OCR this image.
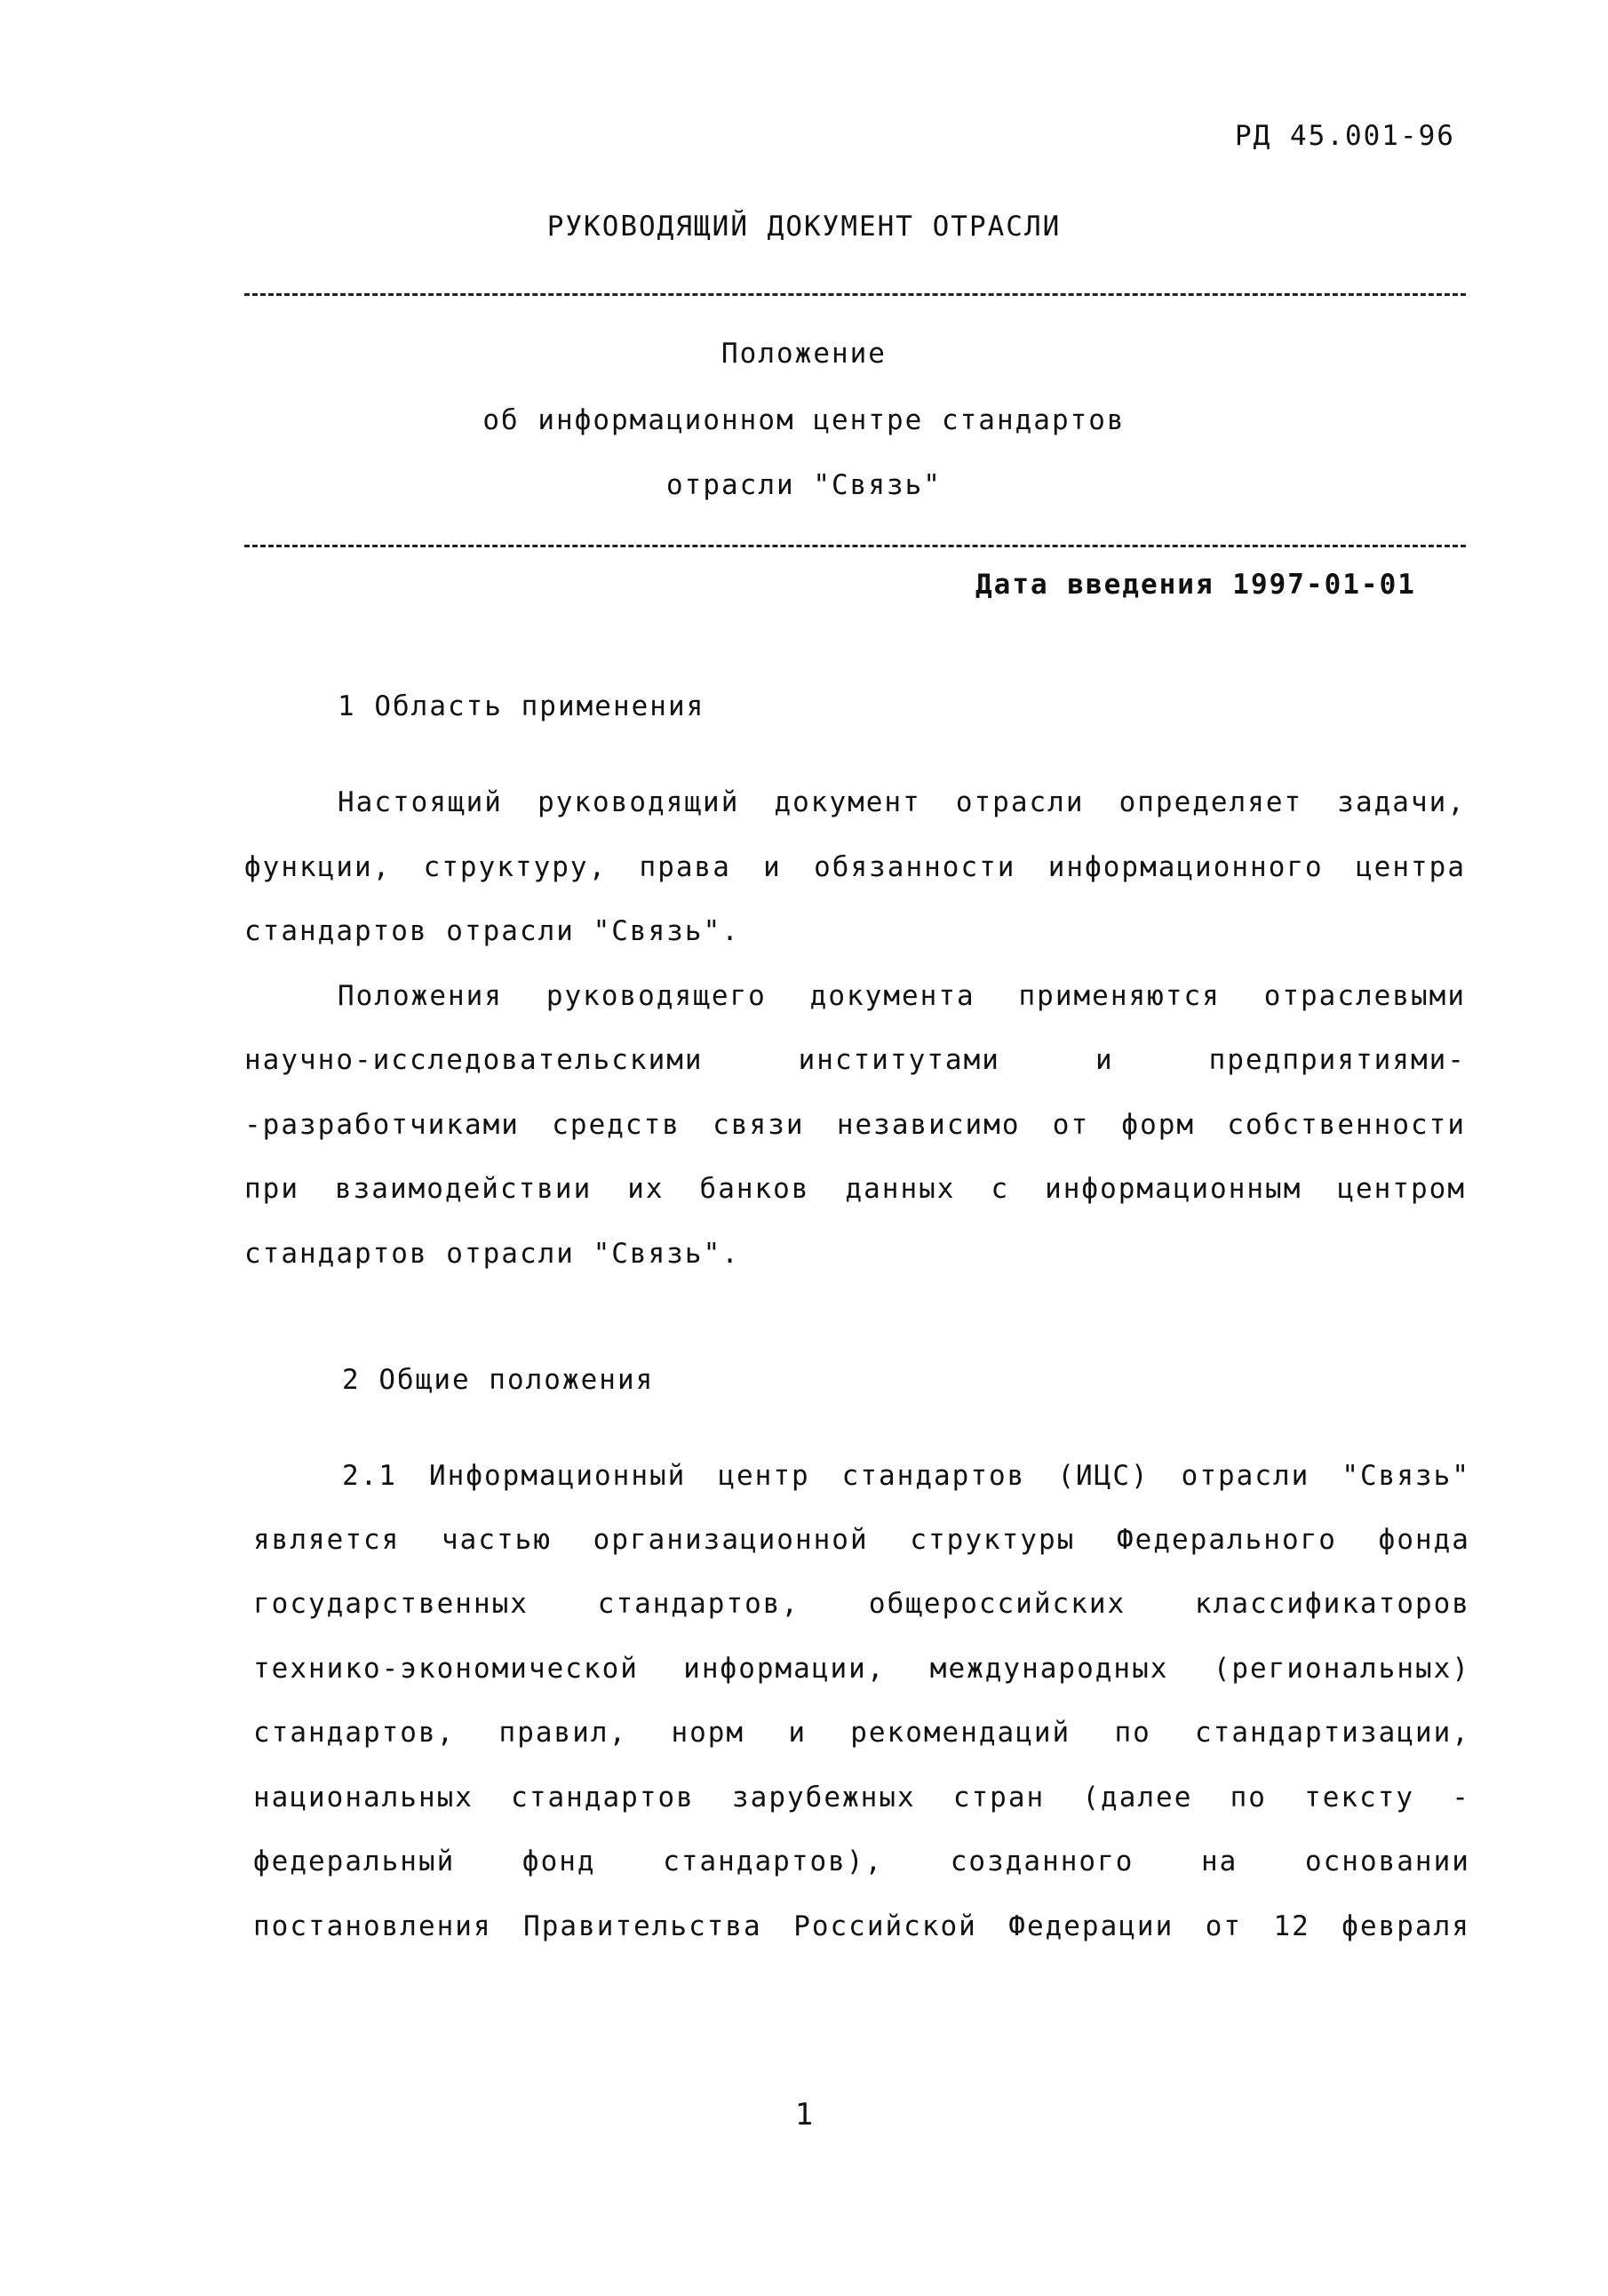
РД 45.001-96
РУКОВОДЯЩИЙ ДОКУМЕНТ ОТРАСЛИ
Положение
об информационном центре стандартов
отрасли "Связь"
Дата введения 1997-01-01
1 Область применения
Настоящий руководящий документ отрасли определяет задачи,
функции, структуру, права и обязанности информационного центра
стандартов отрасли "Связь".
Положения руководящего документа применяются отраслевыми
научно-исследовательскими	институтами	и	предприятиями-
-разработчиками средств связи независимо от форм собственности
при взаимодействии их банков данных с информационным центром
стандартов отрасли "Связь".
2 Общие положения
2.1 Информационный центр стандартов (ИЦС) отрасли "Связь"
является частью организационной структуры Федерального фонда
государственных	стандартов,	общероссийских	классификаторов
технико-экономической информации, международных (региональных)
стандартов, правил, норм и рекомендаций по стандартизации,
национальных стандартов зарубежных стран (далее по тексту -
федеральный фонд стандартов), созданного на основании
постановления Правительства Российской Федерации от 12 февраля
1
